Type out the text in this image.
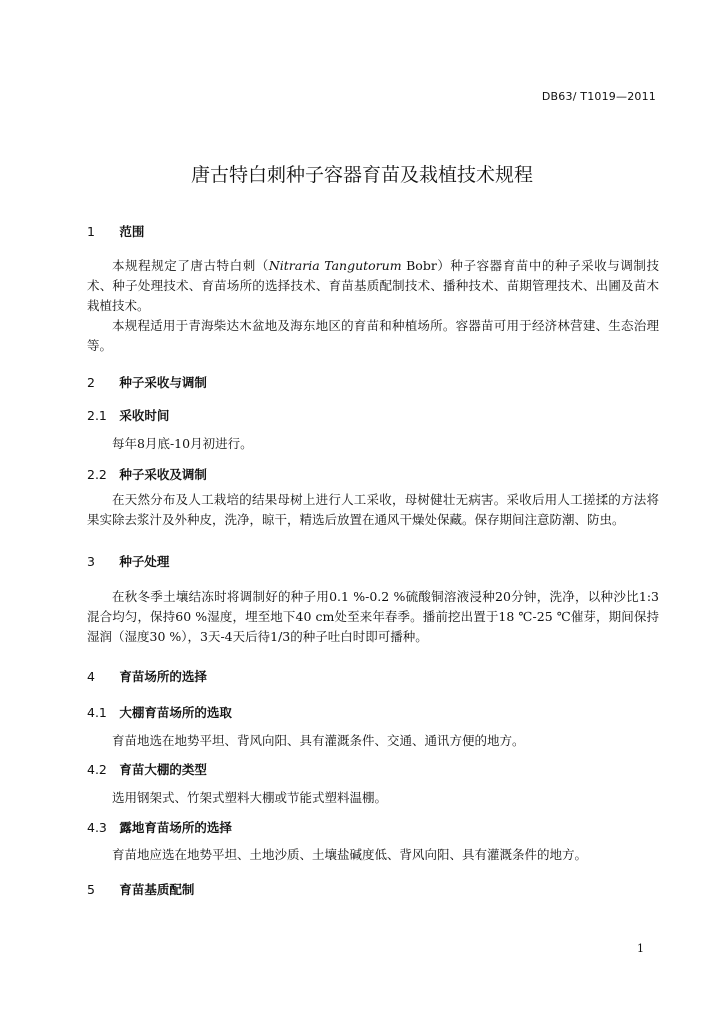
DB63/ T1019—2011
唐古特白刺种子容器育苗及栽植技术规程
1 范围
本规程规定了唐古特白刺（Nitraria Tangutorum Bobr）种子容器育苗中的种子采收与调制技术、种子处理技术、育苗场所的选择技术、育苗基质配制技术、播种技术、苗期管理技术、出圃及苗木栽植技术。
本规程适用于青海柴达木盆地及海东地区的育苗和种植场所。容器苗可用于经济林营建、生态治理等。
2 种子采收与调制
2.1 采收时间
每年8月底-10月初进行。
2.2 种子采收及调制
在天然分布及人工栽培的结果母树上进行人工采收，母树健壮无病害。采收后用人工搓揉的方法将果实除去浆汁及外种皮，洗净，晾干，精选后放置在通风干燥处保藏。保存期间注意防潮、防虫。
3 种子处理
在秋冬季土壤结冻时将调制好的种子用0.1 %-0.2 %硫酸铜溶液浸种20分钟，洗净，以种沙比1:3混合均匀，保持60 %湿度，埋至地下40 cm处至来年春季。播前挖出置于18 ℃-25 ℃催芽，期间保持湿润（湿度30 %），3天-4天后待1/3的种子吐白时即可播种。
4 育苗场所的选择
4.1 大棚育苗场所的选取
育苗地选在地势平坦、背风向阳、具有灌溉条件、交通、通讯方便的地方。
4.2 育苗大棚的类型
选用钢架式、竹架式塑料大棚或节能式塑料温棚。
4.3 露地育苗场所的选择
育苗地应选在地势平坦、土地沙质、土壤盐碱度低、背风向阳、具有灌溉条件的地方。
5 育苗基质配制
1
